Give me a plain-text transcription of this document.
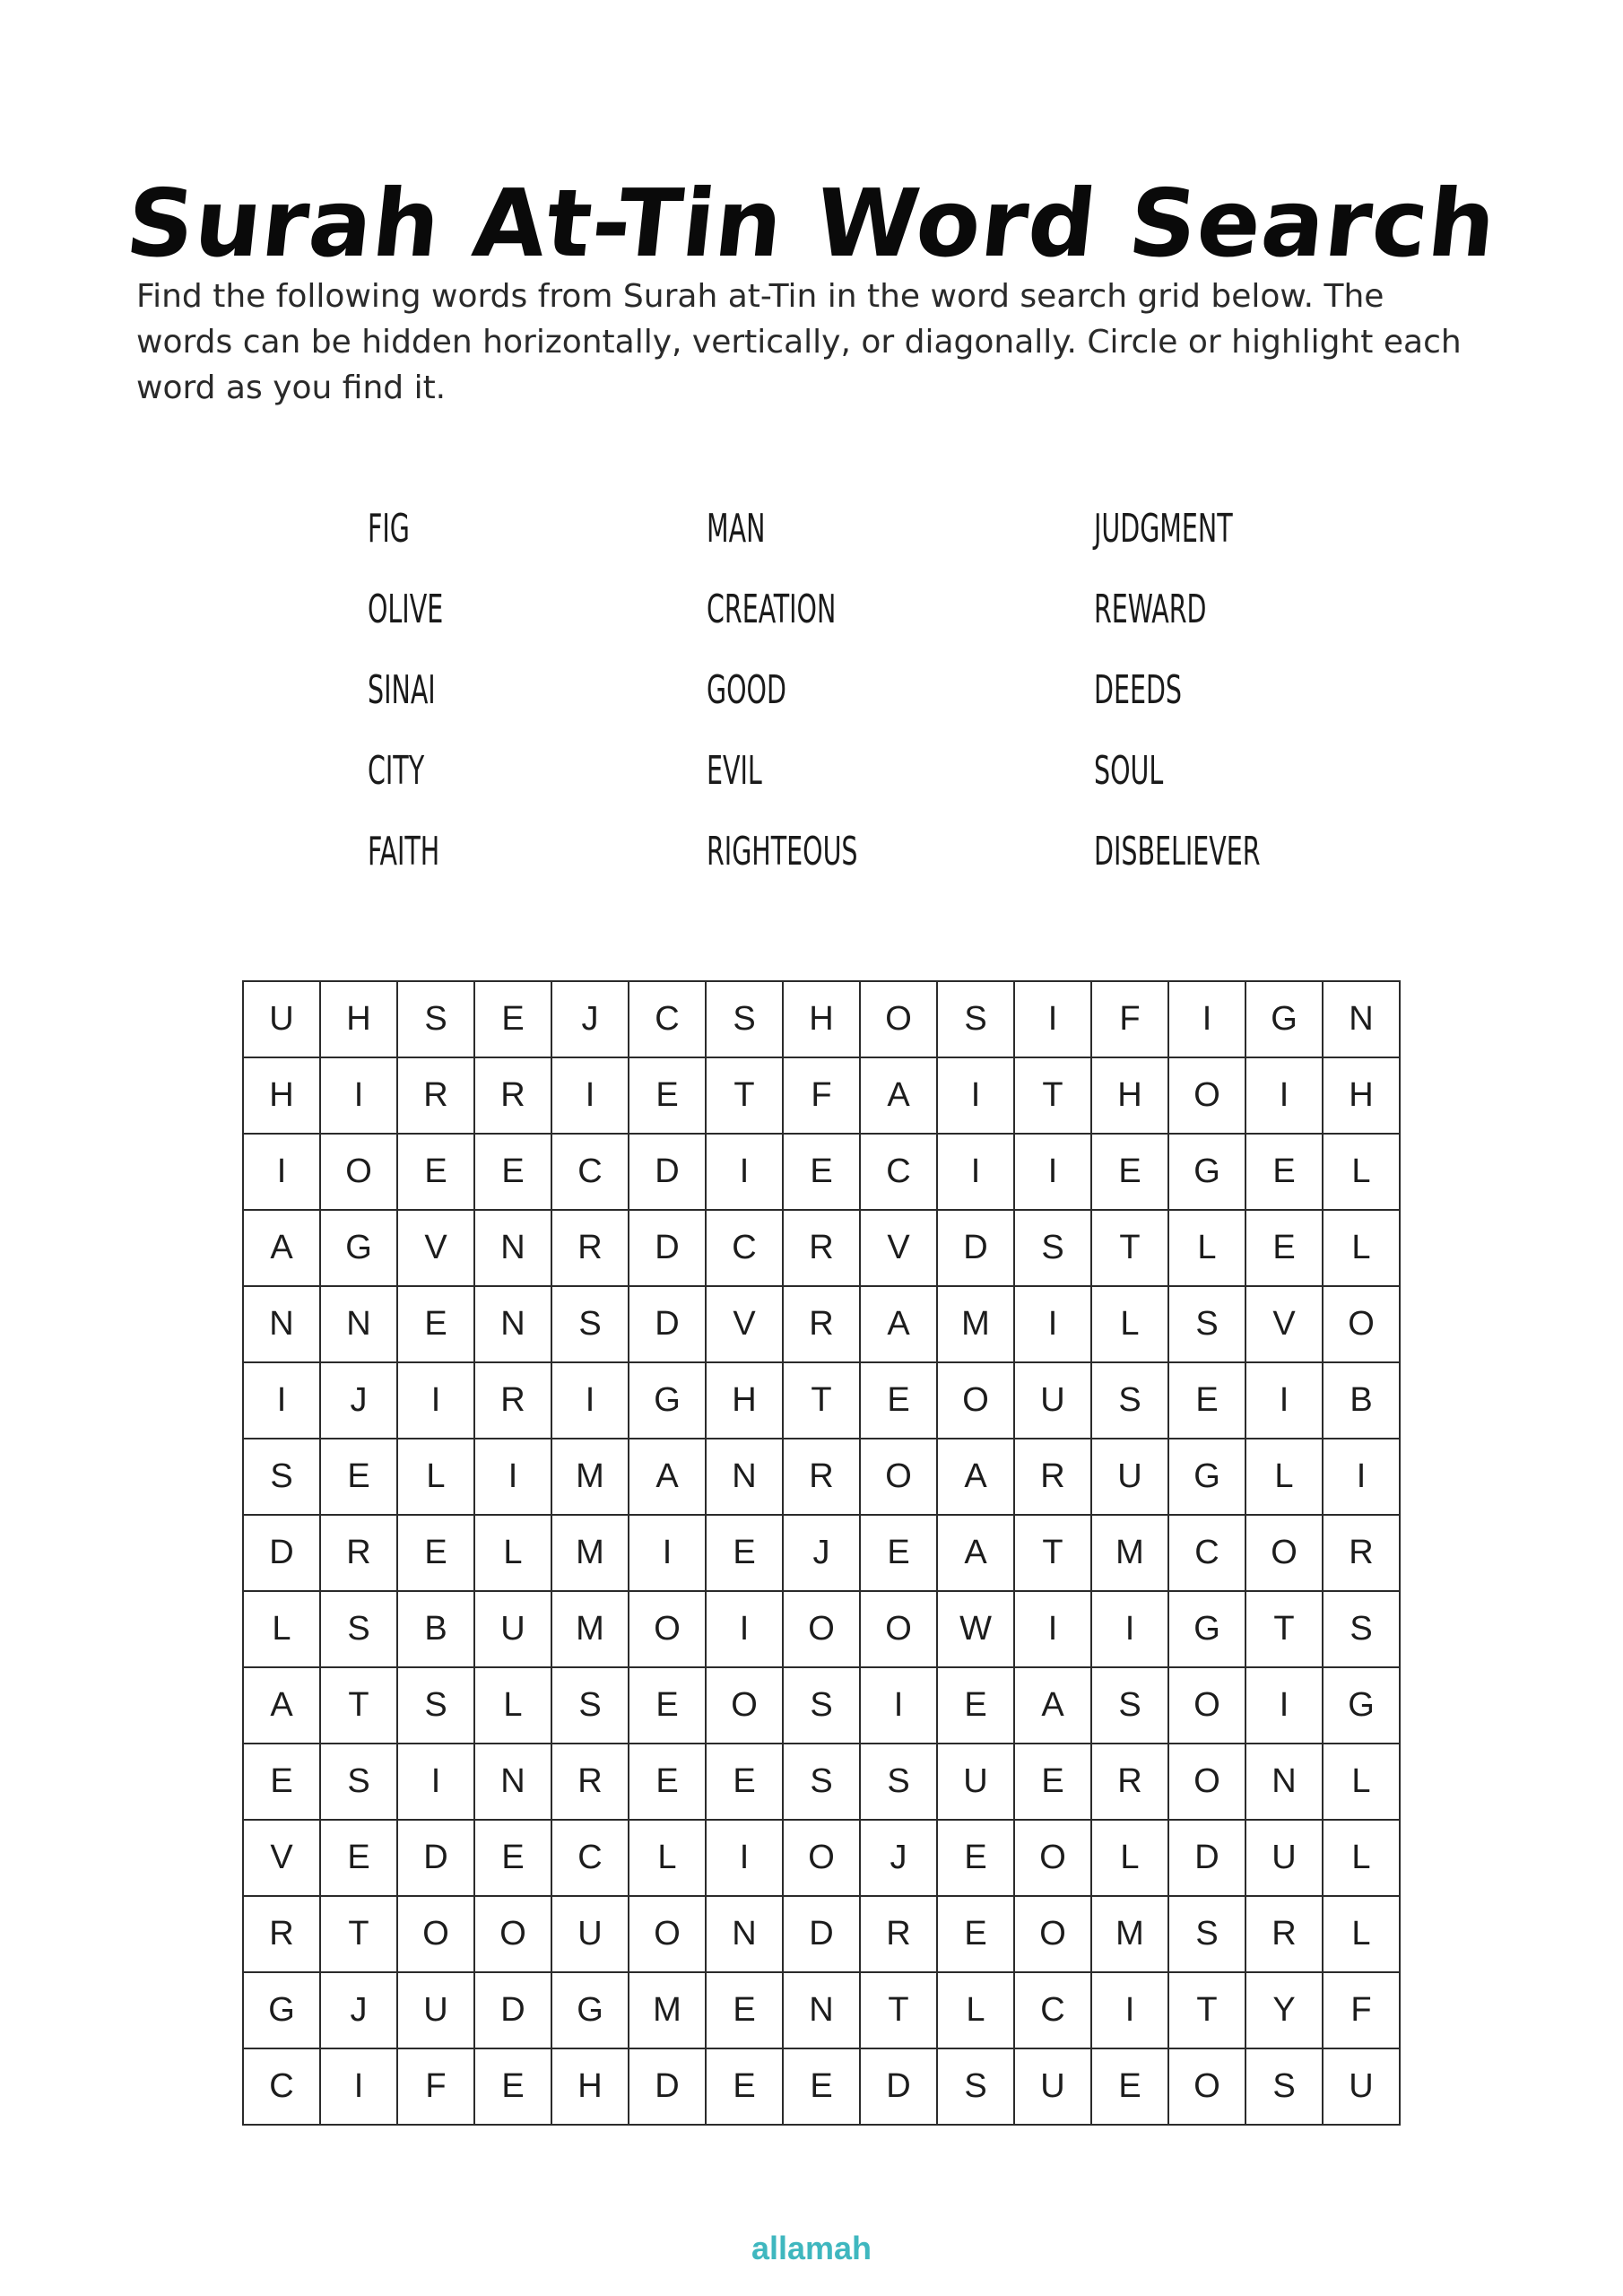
Surah At-Tin Word Search

Find the following words from Surah at-Tin in the word search grid below. The words can be hidden horizontally, vertically, or diagonally. Circle or highlight each word as you find it.

FIG	MAN	JUDGMENT
OLIVE	CREATION	REWARD
SINAI	GOOD	DEEDS
CITY	EVIL	SOUL
FAITH	RIGHTEOUS	DISBELIEVER
U	H	S	E	J	C	S	H	O	S	I	F	I	G	N
H	I	R	R	I	E	T	F	A	I	T	H	O	I	H
I	O	E	E	C	D	I	E	C	I	I	E	G	E	L
A	G	V	N	R	D	C	R	V	D	S	T	L	E	L
N	N	E	N	S	D	V	R	A	M	I	L	S	V	O
I	J	I	R	I	G	H	T	E	O	U	S	E	I	B
S	E	L	I	M	A	N	R	O	A	R	U	G	L	I
D	R	E	L	M	I	E	J	E	A	T	M	C	O	R
L	S	B	U	M	O	I	O	O	W	I	I	G	T	S
A	T	S	L	S	E	O	S	I	E	A	S	O	I	G
E	S	I	N	R	E	E	S	S	U	E	R	O	N	L
V	E	D	E	C	L	I	O	J	E	O	L	D	U	L
R	T	O	O	U	O	N	D	R	E	O	M	S	R	L
G	J	U	D	G	M	E	N	T	L	C	I	T	Y	F
C	I	F	E	H	D	E	E	D	S	U	E	O	S	U
allamah
